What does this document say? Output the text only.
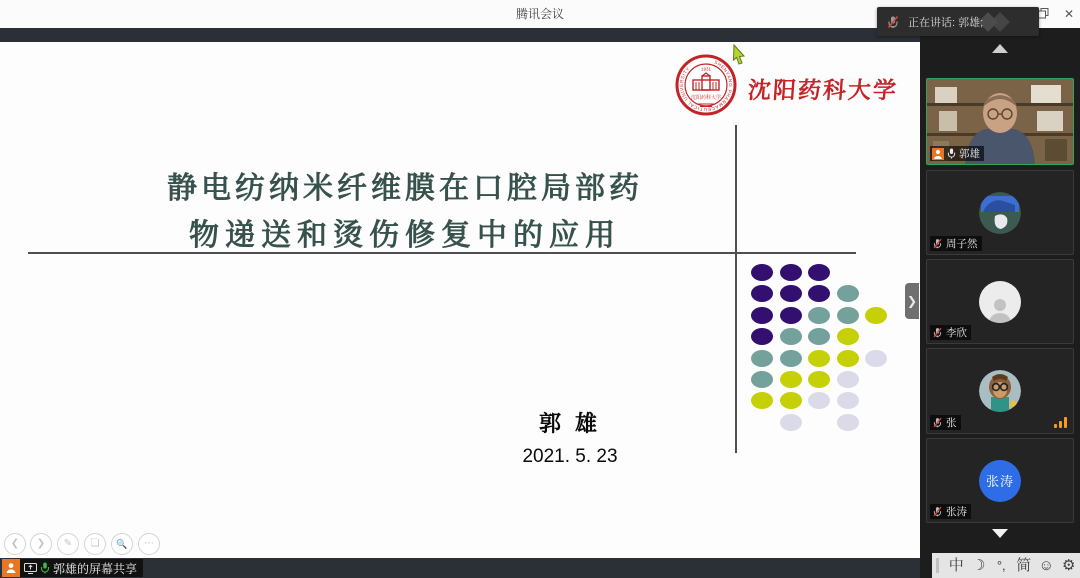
腾讯会议	✕
正在讲话: 郭雄;
SHENYANG PHARMACEUTICAL UNIVERSITY	1931
沈阳药科大学 沈阳药科大学
静电纺纳米纤维膜在口腔局部药
物递送和烫伤修复中的应用
郭 雄
2021. 5. 23
❮	❯	✎	❏	🔍	⋯
❯
郭雄的屏幕共享
郭雄
周子然
李欣
张
张涛
张涛
中 ☽ °, 简 ☺ ⚙
